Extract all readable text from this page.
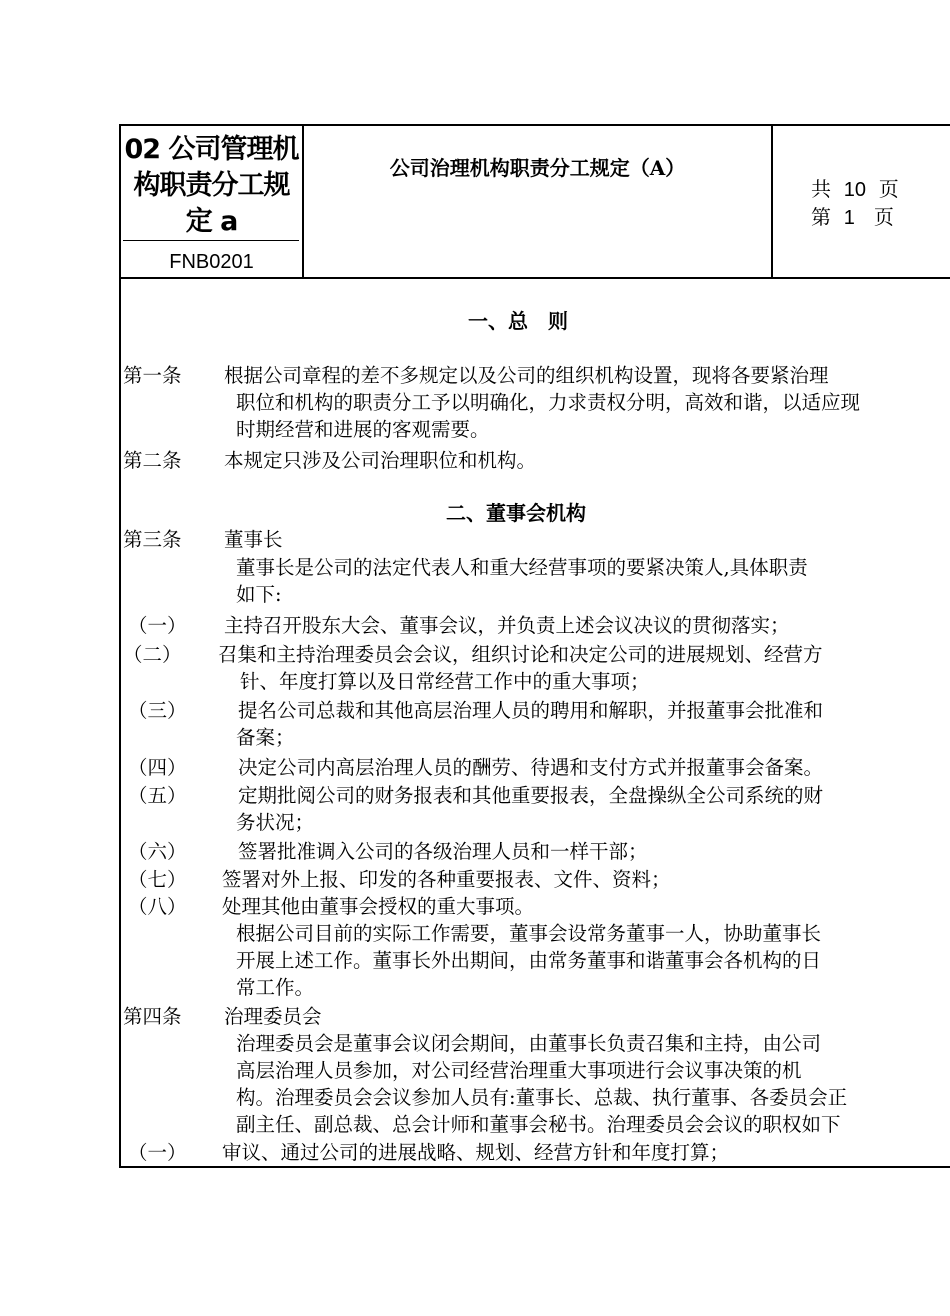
02 公司管理机
构职责分工规
定 a
FNB0201
公司治理机构职责分工规定（A）
共 10 页
第 1 页
一、总　则
第一条 根据公司章程的差不多规定以及公司的组织机构设置，现将各要紧治理
职位和机构的职责分工予以明确化，力求责权分明，高效和谐，以适应现
时期经营和进展的客观需要。
第二条 本规定只涉及公司治理职位和机构。
二、董事会机构
第三条 董事长
董事长是公司的法定代表人和重大经营事项的要紧决策人,具体职责
如下:
（一） 主持召开股东大会、董事会议，并负责上述会议决议的贯彻落实；
（二） 召集和主持治理委员会会议，组织讨论和决定公司的进展规划、经营方
针、年度打算以及日常经营工作中的重大事项；
（三）	提名公司总裁和其他高层治理人员的聘用和解职，并报董事会批准和
备案；
（四）	决定公司内高层治理人员的酬劳、待遇和支付方式并报董事会备案。
（五）	定期批阅公司的财务报表和其他重要报表，全盘操纵全公司系统的财
务状况；
（六）	签署批准调入公司的各级治理人员和一样干部；
（七） 签署对外上报、印发的各种重要报表、文件、资料；
（八） 处理其他由董事会授权的重大事项。
根据公司目前的实际工作需要，董事会设常务董事一人，协助董事长
开展上述工作。董事长外出期间，由常务董事和谐董事会各机构的日
常工作。
第四条 治理委员会
治理委员会是董事会议闭会期间，由董事长负责召集和主持，由公司
高层治理人员参加，对公司经营治理重大事项进行会议事决策的机
构。治理委员会会议参加人员有:董事长、总裁、执行董事、各委员会正
副主任、副总裁、总会计师和董事会秘书。治理委员会会议的职权如下
（一） 审议、通过公司的进展战略、规划、经营方针和年度打算；
